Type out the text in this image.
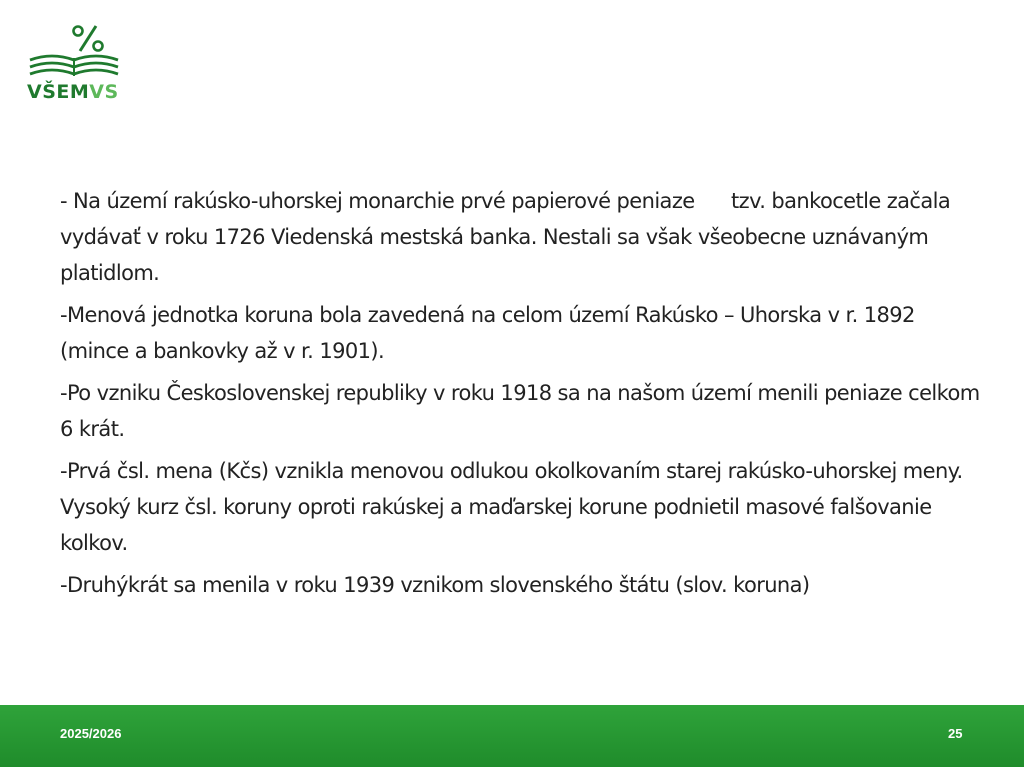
VŠEMVS

- Na území rakúsko-uhorskej monarchie prvé papierové peniaze      tzv. bankocetle začala vydávať v roku 1726 Viedenská mestská banka. Nestali sa však všeobecne uznávaným platidlom.

-Menová jednotka koruna bola zavedená na celom území Rakúsko – Uhorska v r. 1892 (mince a bankovky až v r. 1901).

-Po vzniku Československej republiky v roku 1918 sa na našom území menili peniaze celkom 6 krát.

-Prvá čsl. mena (Kčs) vznikla menovou odlukou okolkovaním starej rakúsko-uhorskej meny. Vysoký kurz čsl. koruny oproti rakúskej a maďarskej korune podnietil masové falšovanie kolkov.

-Druhýkrát sa menila v roku 1939 vznikom slovenského štátu (slov. koruna)

2025/2026	25
